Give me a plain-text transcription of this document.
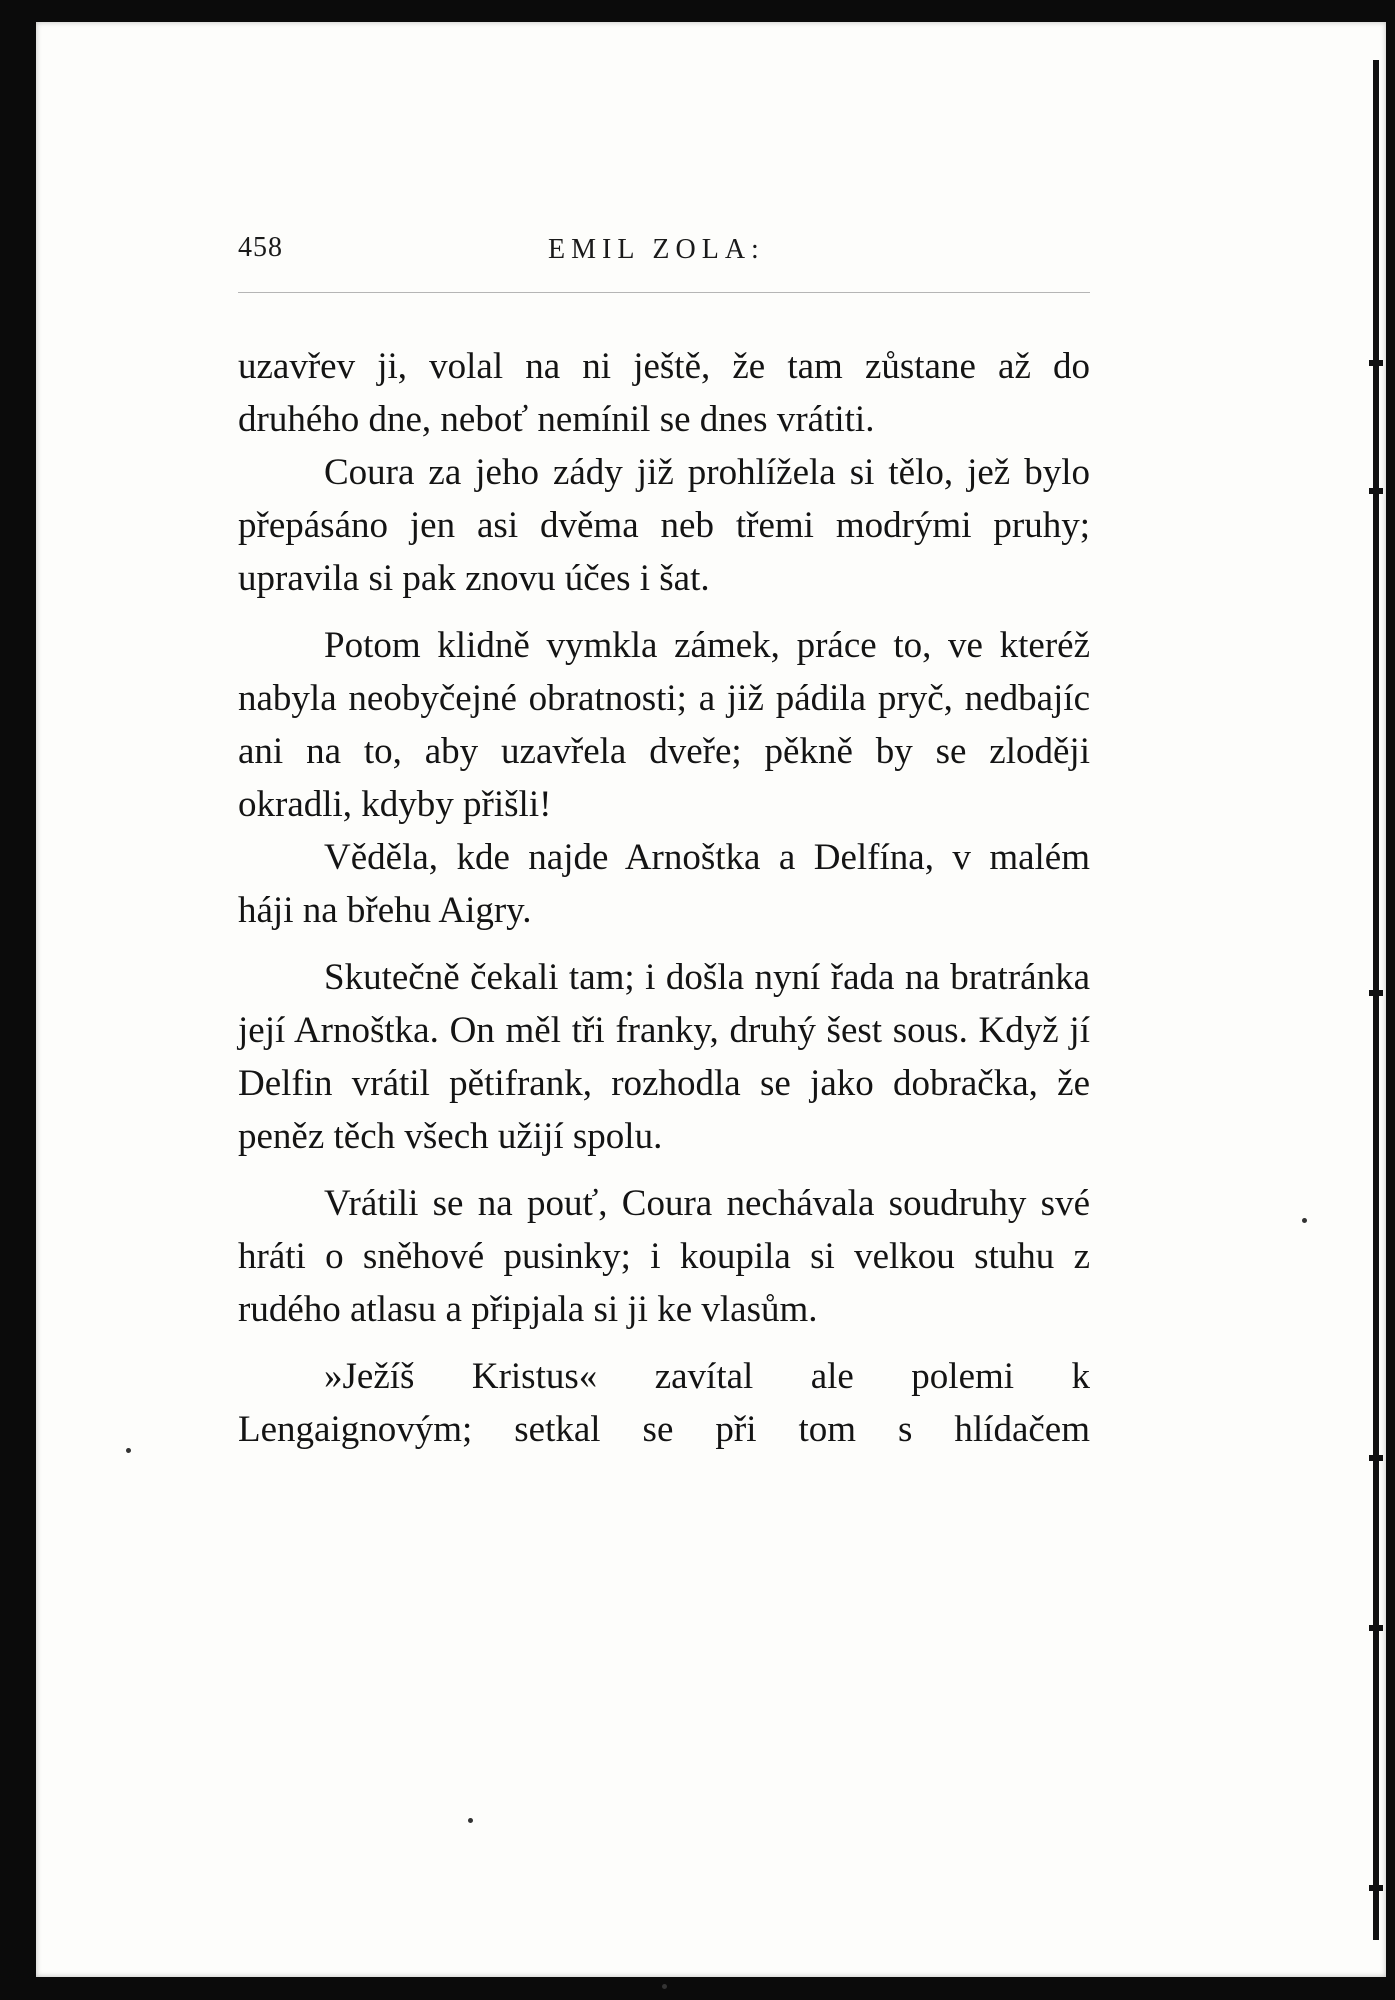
458	EMIL ZOLA:

uzavřev ji, volal na ni ještě, že tam zůstane až do druhého dne, neboť nemínil se dnes vrátiti.

Coura za jeho zády již prohlížela si tělo, jež bylo přepásáno jen asi dvěma neb třemi modrými pruhy; upravila si pak znovu účes i šat.

Potom klidně vymkla zámek, práce to, ve kteréž nabyla neobyčejné obratnosti; a již pádila pryč, nedbajíc ani na to, aby uzavřela dveře; pěkně by se zloději okradli, kdyby přišli!

Věděla, kde najde Arnoštka a Delfína, v malém háji na břehu Aigry.

Skutečně čekali tam; i došla nyní řada na bratránka její Arnoštka. On měl tři franky, druhý šest sous. Když jí Delfin vrátil pětifrank, rozhodla se jako dobračka, že peněz těch všech užijí spolu.

Vrátili se na pouť, Coura nechávala soudruhy své hráti o sněhové pusinky; i koupila si velkou stuhu z rudého atlasu a připjala si ji ke vlasům.

»Ježíš Kristus« zavítal ale polemi k Lengaignovým; setkal se při tom s hlídačem
